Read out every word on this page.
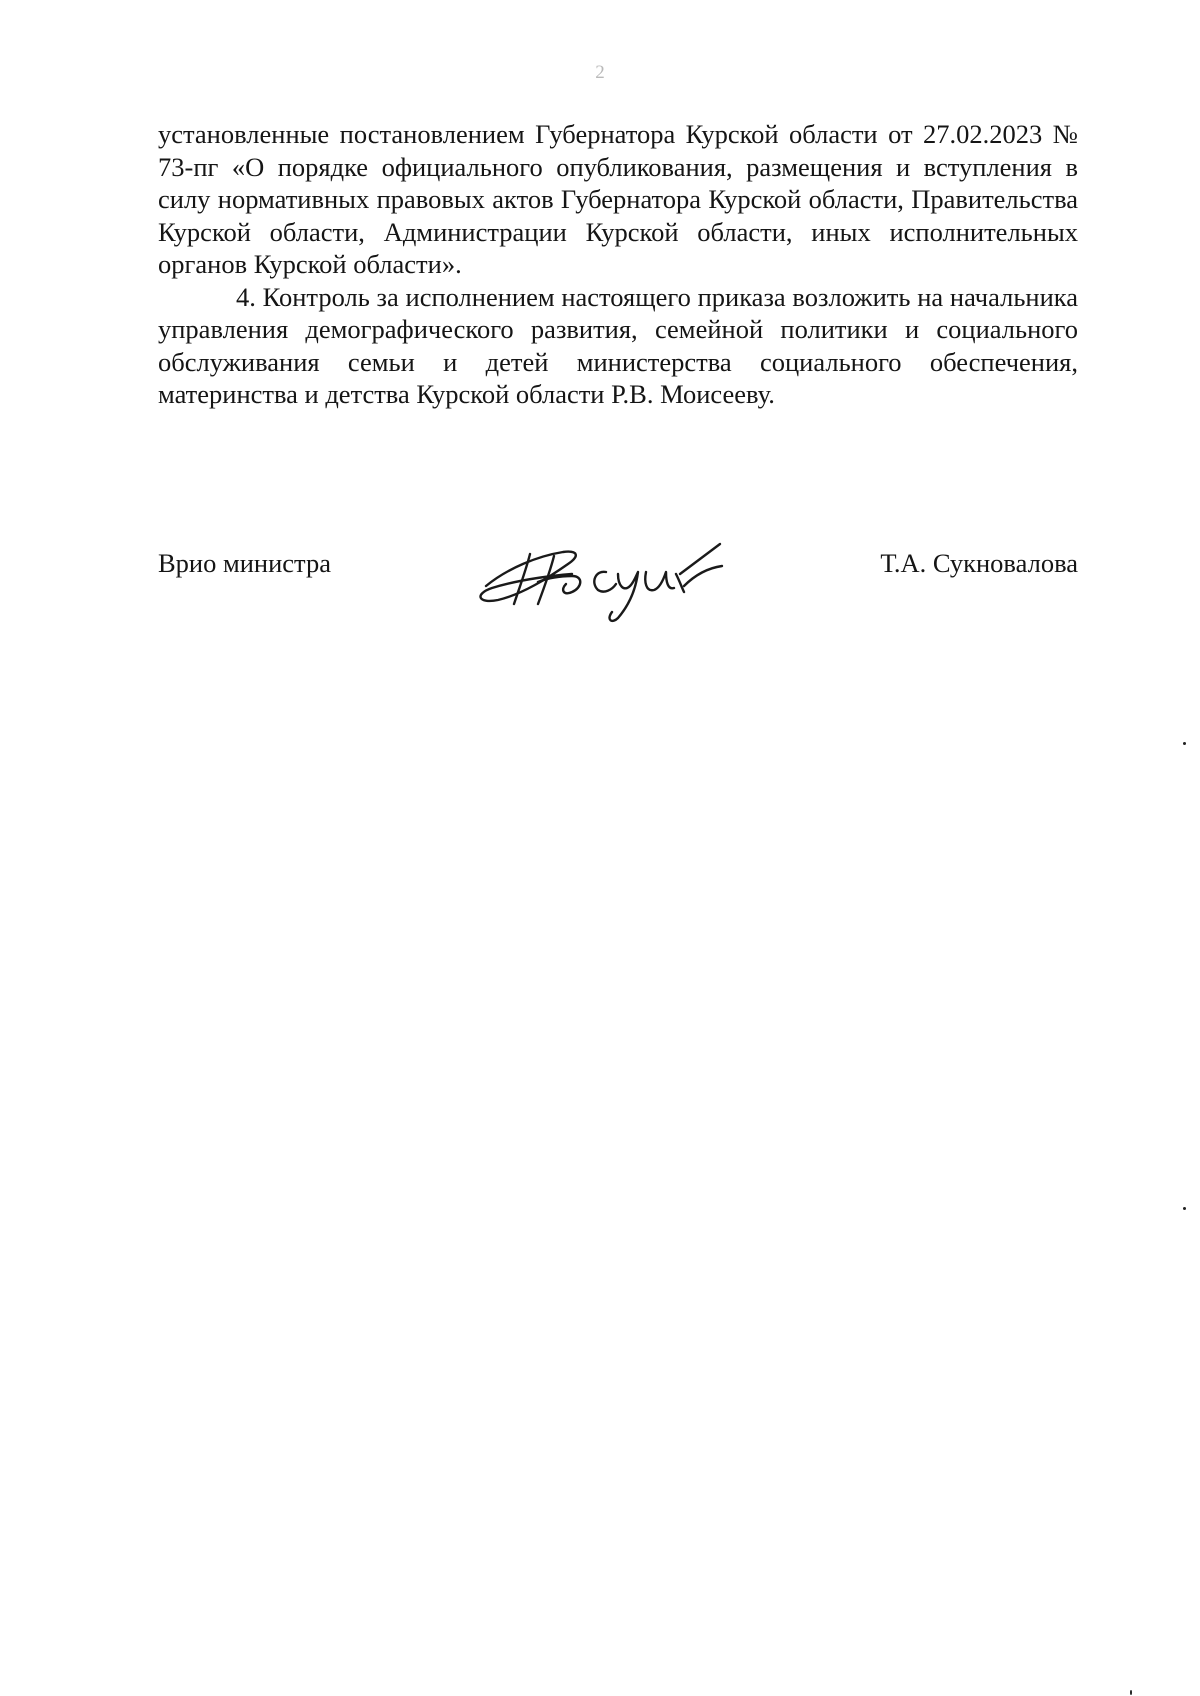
2

установленные постановлением Губернатора Курской области от 27.02.2023 № 73-пг «О порядке официального опубликования, размещения и вступления в силу нормативных правовых актов Губернатора Курской области, Правительства Курской области, Администрации Курской области, иных исполнительных органов Курской области».

4. Контроль за исполнением настоящего приказа возложить на начальника управления демографического развития, семейной политики и социального обслуживания семьи и детей министерства социального обеспечения, материнства и детства Курской области Р.В. Моисееву.

Врио министра	Т.А. Сукновалова
